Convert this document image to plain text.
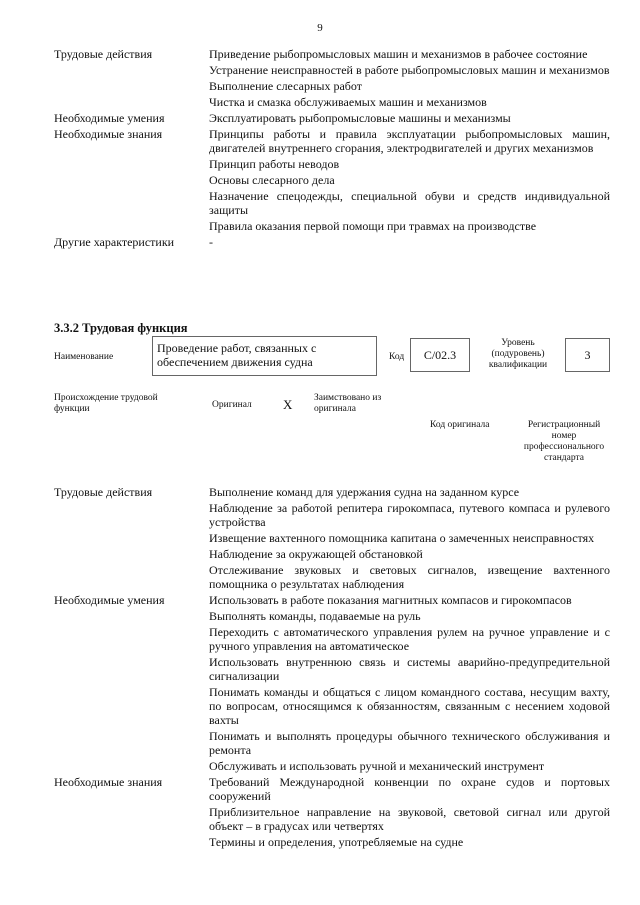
9
Трудовые действия	Приведение рыбопромысловых машин и механизмов в рабочее состояние
Устранение неисправностей в работе рыбопромысловых машин и механизмов
Выполнение слесарных работ
Чистка и смазка обслуживаемых машин и механизмов
Необходимые умения	Эксплуатировать рыбопромысловые машины и механизмы
Необходимые знания	Принципы работы и правила эксплуатации рыбопромысловых машин, двигателей внутреннего сгорания, электродвигателей и других механизмов
Принцип работы неводов
Основы слесарного дела
Назначение спецодежды, специальной обуви и средств индивидуальной защиты
Правила оказания первой помощи при травмах на производстве
Другие характеристики	-
3.3.2 Трудовая функция
Наименование
Проведение работ, связанных с обеспечением движения судна	Код	C/02.3
Уровень (подуровень) квалификации
3
Происхождение трудовой функции	Оригинал X Заимствовано из оригинала
Код оригинала	Регистрационный номер профессионального стандарта
Трудовые действия	Выполнение команд для удержания судна на заданном курсе
Наблюдение за работой репитера гирокомпаса, путевого компаса и рулевого устройства
Извещение вахтенного помощника капитана о замеченных неисправностях
Наблюдение за окружающей обстановкой
Отслеживание звуковых и световых сигналов, извещение вахтенного помощника о результатах наблюдения
Необходимые умения	Использовать в работе показания магнитных компасов и гирокомпасов
Выполнять команды, подаваемые на руль
Переходить с автоматического управления рулем на ручное управление и с ручного управления на автоматическое
Использовать внутреннюю связь и системы аварийно-предупредительной сигнализации
Понимать команды и общаться с лицом командного состава, несущим вахту, по вопросам, относящимся к обязанностям, связанным с несением ходовой вахты
Понимать и выполнять процедуры обычного технического обслуживания и ремонта
Обслуживать и использовать ручной и механический инструмент
Необходимые знания	Требований Международной конвенции по охране судов и портовых сооружений
Приблизительное направление на звуковой, световой сигнал или другой объект – в градусах или четвертях
Термины и определения, употребляемые на судне
